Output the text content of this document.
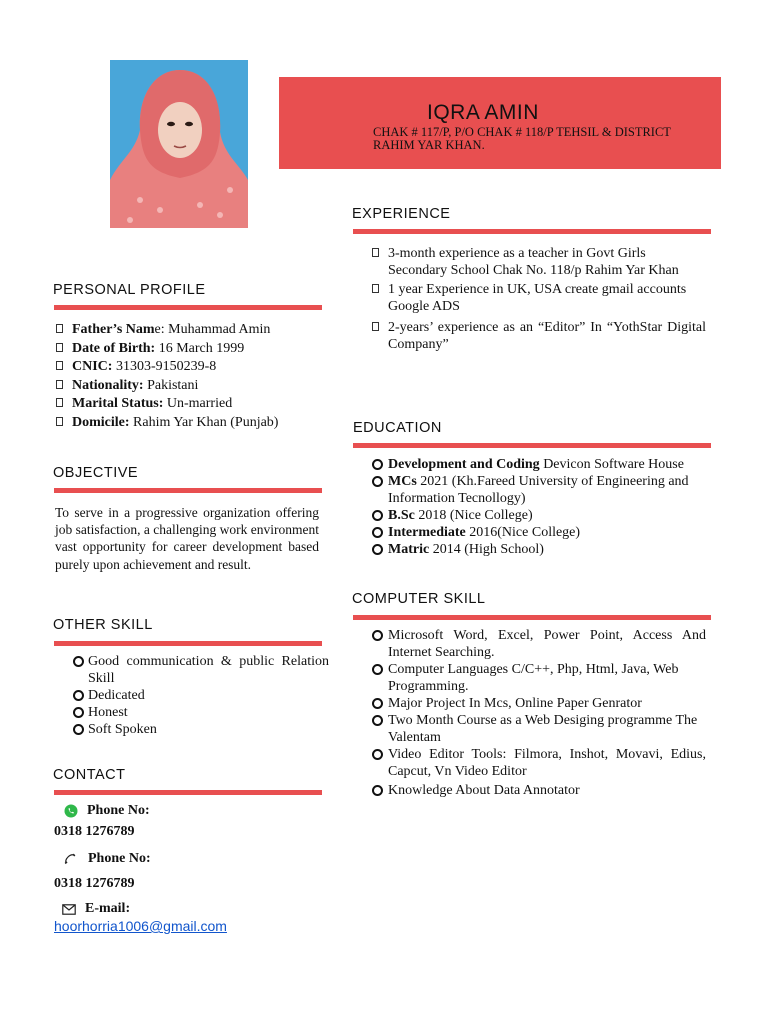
IQRA AMIN
CHAK # 117/P, P/O CHAK # 118/P TEHSIL & DISTRICT
RAHIM YAR KHAN.
PERSONAL PROFILE
Father’s Name: Muhammad Amin
Date of Birth: 16 March 1999
CNIC: 31303-9150239-8
Nationality: Pakistani
Marital Status: Un-married
Domicile: Rahim Yar Khan (Punjab)
OBJECTIVE
To serve in a progressive organization offering job satisfaction, a challenging work environment vast opportunity for career development based purely upon achievement and result.
OTHER SKILL
Good communication & public Relation Skill
Dedicated
Honest
Soft Spoken
CONTACT
Phone No:
0318 1276789
Phone No:
0318 1276789
E-mail:
hoorhorria1006@gmail.com
EXPERIENCE
3-month experience as a teacher in Govt Girls Secondary School Chak No. 118/p Rahim Yar Khan
1 year Experience in UK, USA create gmail accounts Google ADS
2-years’ experience as an “Editor” In “YothStar Digital Company”
EDUCATION
Development and Coding Devicon Software House
MCs 2021 (Kh.Fareed University of Engineering and Information Tecnollogy)
B.Sc 2018 (Nice College)
Intermediate 2016(Nice College)
Matric 2014 (High School)
COMPUTER SKILL
Microsoft Word, Excel, Power Point, Access And Internet Searching.
Computer Languages C/C++, Php, Html, Java, Web Programming.
Major Project In Mcs, Online Paper Genrator
Two Month Course as a Web Desiging programme The Valentam
Video Editor Tools: Filmora, Inshot, Movavi, Edius, Capcut, Vn Video Editor
Knowledge About Data Annotator
